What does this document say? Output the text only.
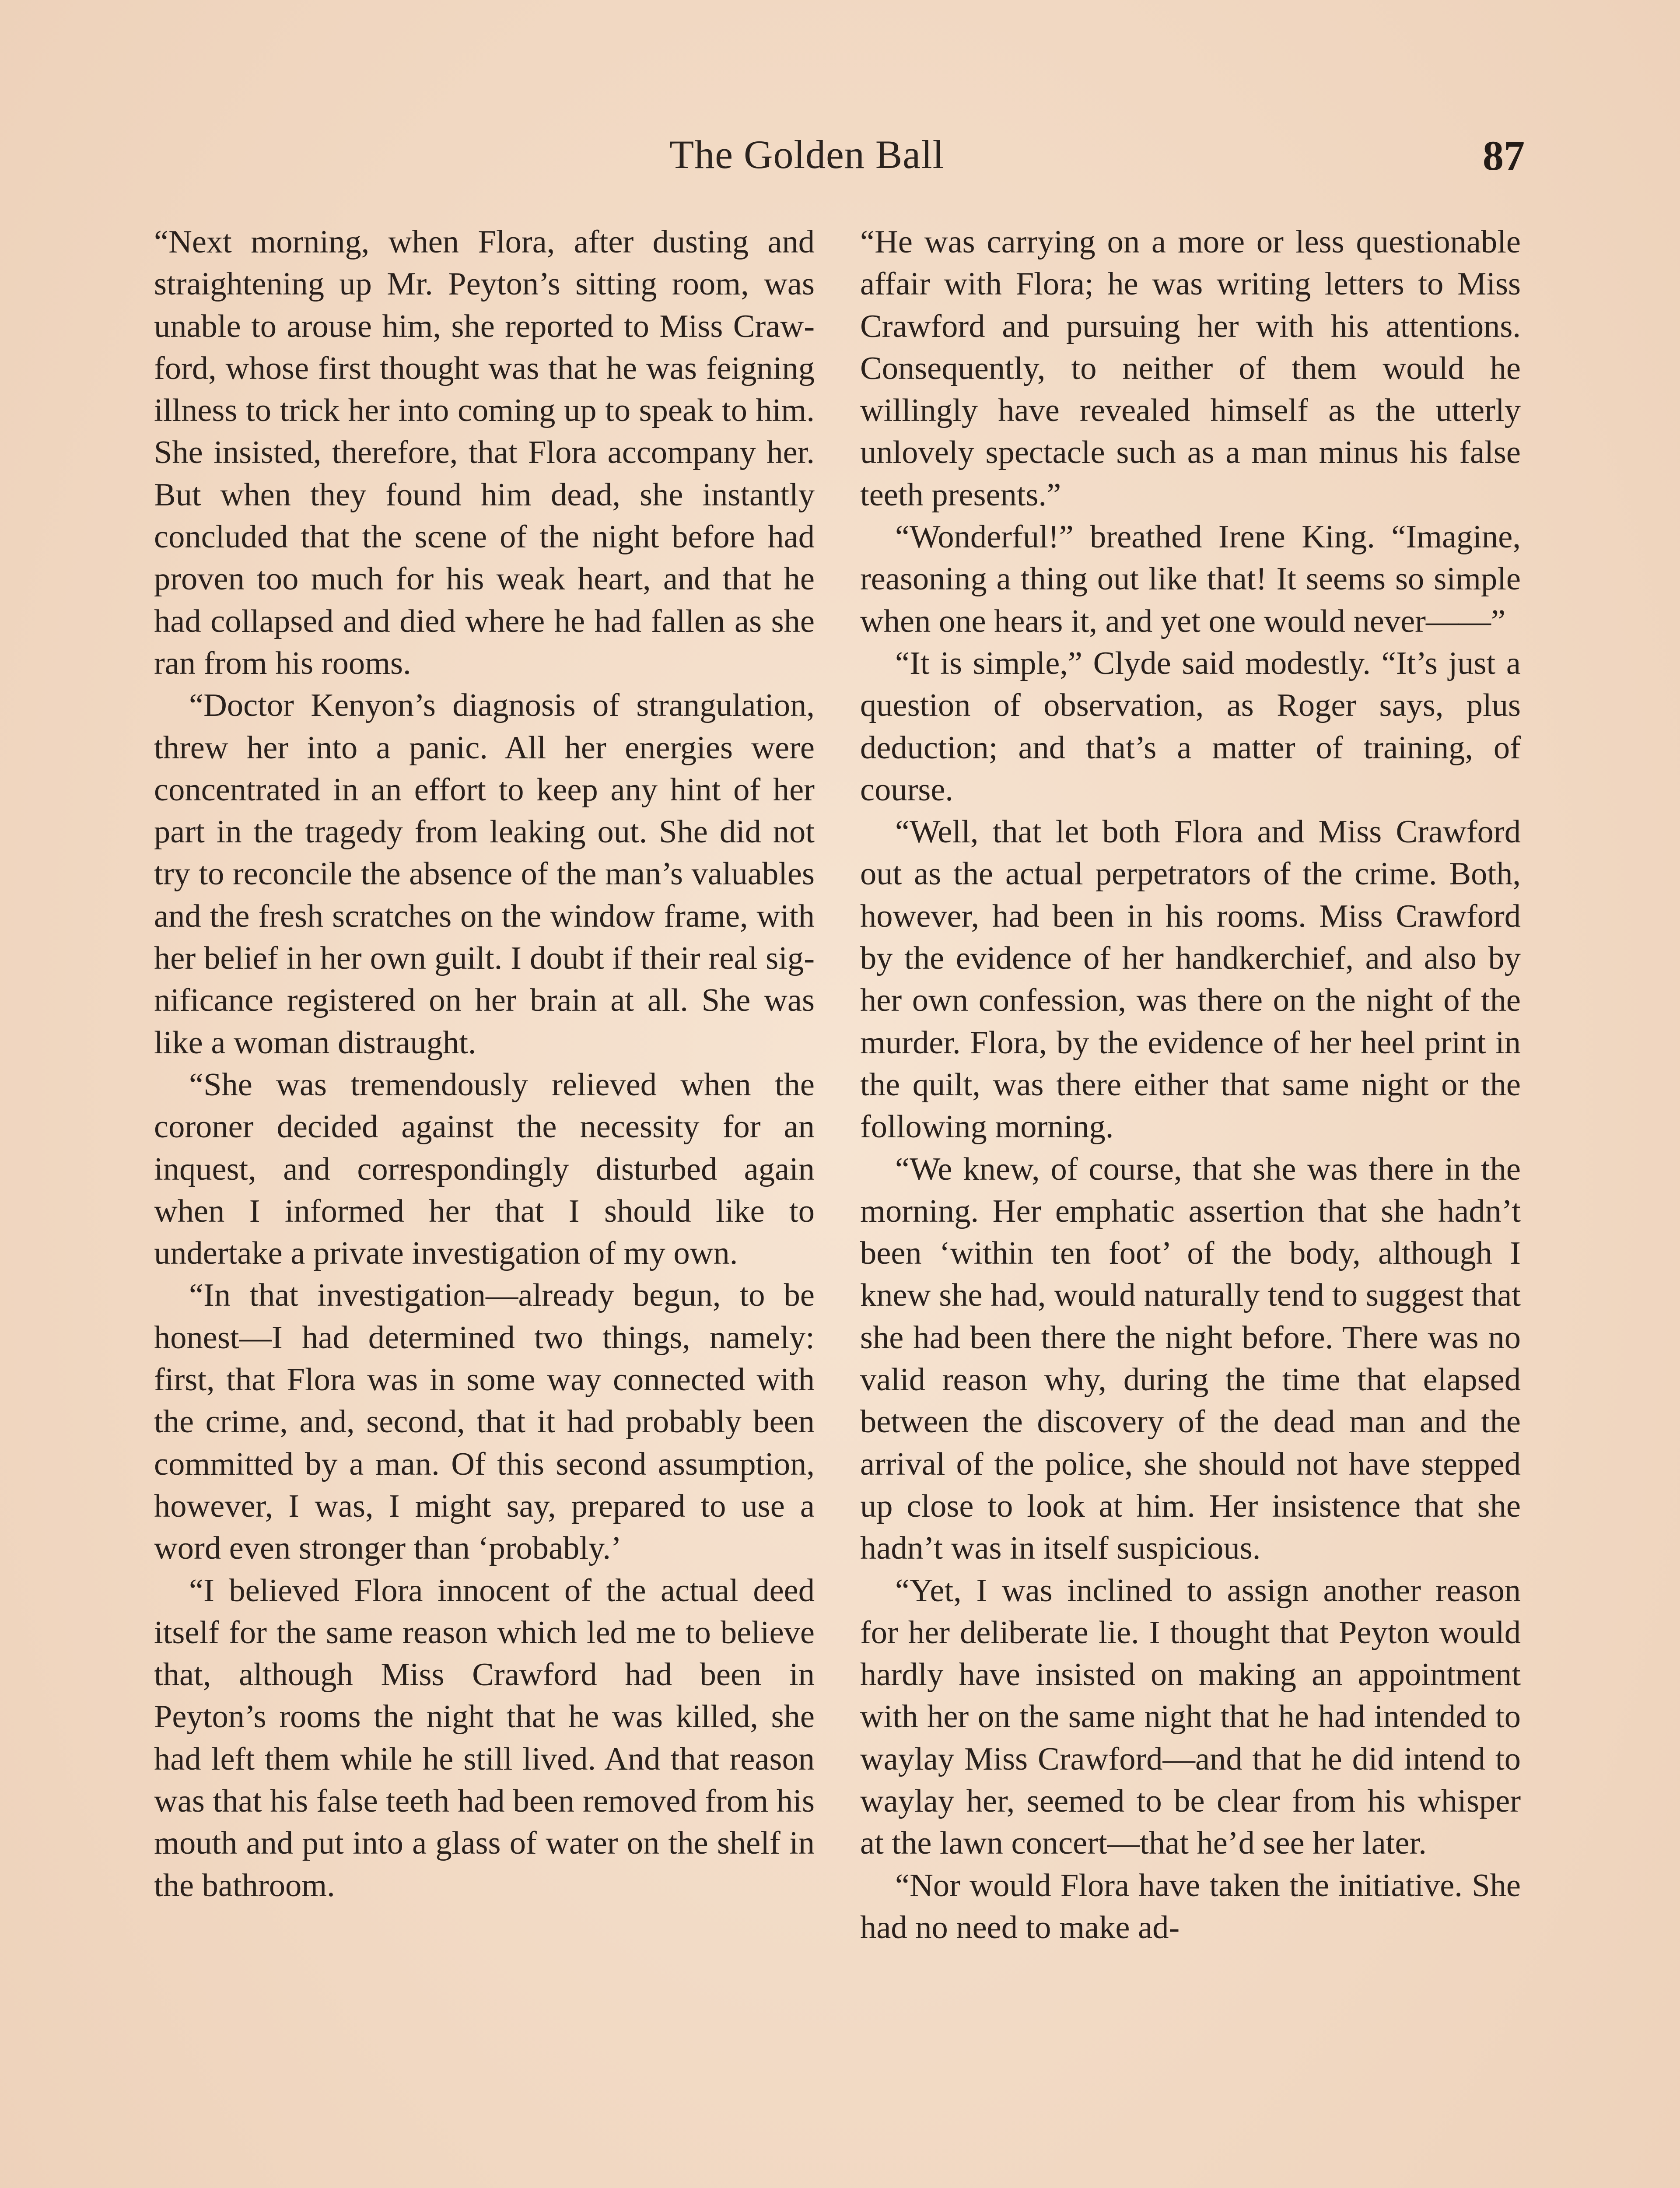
The Golden Ball	87

“Next morning, when Flora, after dusting and straightening up Mr. Peyton’s sitting room, was unable to arouse him, she reported to Miss Crawford, whose first thought was that he was feigning illness to trick her into coming up to speak to him. She insisted, therefore, that Flora accompany her. But when they found him dead, she instantly concluded that the scene of the night before had proven too much for his weak heart, and that he had collapsed and died where he had fallen as she ran from his rooms.

“Doctor Kenyon’s diagnosis of strangulation, threw her into a panic. All her energies were concentrated in an effort to keep any hint of her part in the tragedy from leaking out. She did not try to reconcile the absence of the man’s valuables and the fresh scratches on the window frame, with her belief in her own guilt. I doubt if their real significance registered on her brain at all. She was like a woman distraught.

“She was tremendously relieved when the coroner decided against the necessity for an inquest, and correspondingly disturbed again when I informed her that I should like to undertake a private investigation of my own.

“In that investigation—already begun, to be honest—I had determined two things, namely: first, that Flora was in some way connected with the crime, and, second, that it had probably been committed by a man. Of this second assumption, however, I was, I might say, prepared to use a word even stronger than ‘probably.’

“I believed Flora innocent of the actual deed itself for the same reason which led me to believe that, although Miss Crawford had been in Peyton’s rooms the night that he was killed, she had left them while he still lived. And that reason was that his false teeth had been removed from his mouth and put into a glass of water on the shelf in the bathroom.

“He was carrying on a more or less questionable affair with Flora; he was writing letters to Miss Crawford and pursuing her with his attentions. Consequently, to neither of them would he willingly have revealed himself as the utterly unlovely spectacle such as a man minus his false teeth presents.”

“Wonderful!” breathed Irene King. “Imagine, reasoning a thing out like that! It seems so simple when one hears it, and yet one would never——”

“It is simple,” Clyde said modestly. “It’s just a question of observation, as Roger says, plus deduction; and that’s a matter of training, of course.

“Well, that let both Flora and Miss Crawford out as the actual perpetrators of the crime. Both, however, had been in his rooms. Miss Crawford by the evidence of her handkerchief, and also by her own confession, was there on the night of the murder. Flora, by the evidence of her heel print in the quilt, was there either that same night or the following morning.

“We knew, of course, that she was there in the morning. Her emphatic assertion that she hadn’t been ‘within ten foot’ of the body, although I knew she had, would naturally tend to suggest that she had been there the night before. There was no valid reason why, during the time that elapsed between the discovery of the dead man and the arrival of the police, she should not have stepped up close to look at him. Her insistence that she hadn’t was in itself suspicious.

“Yet, I was inclined to assign another reason for her deliberate lie. I thought that Peyton would hardly have insisted on making an appointment with her on the same night that he had intended to waylay Miss Crawford—and that he did intend to waylay her, seemed to be clear from his whisper at the lawn concert—that he’d see her later.

“Nor would Flora have taken the initiative. She had no need to make ad-
